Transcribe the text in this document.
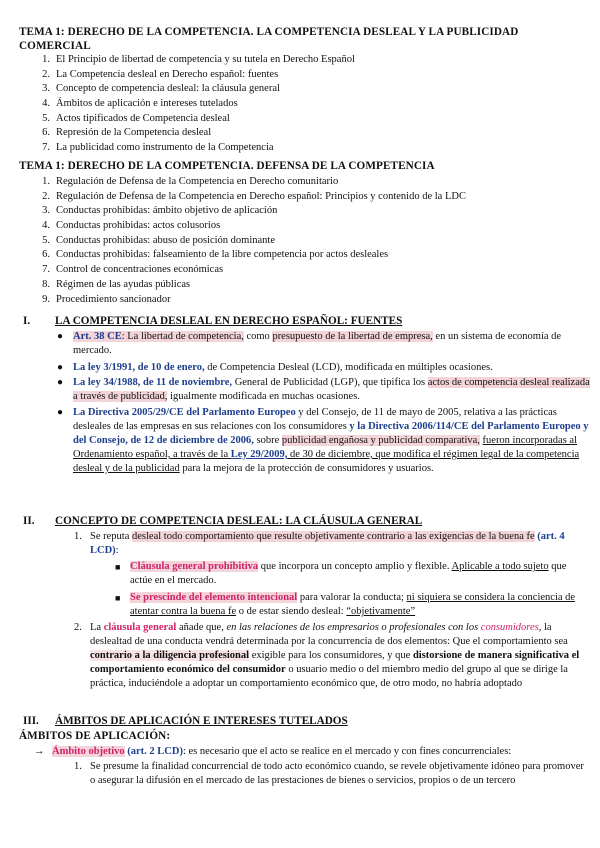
TEMA 1: DERECHO DE LA COMPETENCIA. LA COMPETENCIA DESLEAL Y LA PUBLICIDAD COMERCIAL
1. El Principio de libertad de competencia y su tutela en Derecho Español
2. La Competencia desleal en Derecho español: fuentes
3. Concepto de competencia desleal: la cláusula general
4. Ámbitos de aplicación e intereses tutelados
5. Actos tipificados de Competencia desleal
6. Represión de la Competencia desleal
7. La publicidad como instrumento de la Competencia
TEMA 1: DERECHO DE LA COMPETENCIA. DEFENSA DE LA COMPETENCIA
1. Regulación de Defensa de la Competencia en Derecho comunitario
2. Regulación de Defensa de la Competencia en Derecho español: Principios y contenido de la LDC
3. Conductas prohibidas: ámbito objetivo de aplicación
4. Conductas prohibidas: actos colusorios
5. Conductas prohibidas: abuso de posición dominante
6. Conductas prohibidas: falseamiento de la libre competencia por actos desleales
7. Control de concentraciones económicas
8. Régimen de las ayudas públicas
9. Procedimiento sancionador
I. LA COMPETENCIA DESLEAL EN DERECHO ESPAÑOL: FUENTES
● Art. 38 CE: La libertad de competencia, como presupuesto de la libertad de empresa, en un sistema de economía de mercado.
● La ley 3/1991, de 10 de enero, de Competencia Desleal (LCD), modificada en múltiples ocasiones.
● La ley 34/1988, de 11 de noviembre, General de Publicidad (LGP), que tipifica los actos de competencia desleal realizada a través de publicidad, igualmente modificada en muchas ocasiones.
● La Directiva 2005/29/CE del Parlamento Europeo y del Consejo, de 11 de mayo de 2005, relativa a las prácticas desleales de las empresas en sus relaciones con los consumidores y la Directiva 2006/114/CE del Parlamento Europeo y del Consejo, de 12 de diciembre de 2006, sobre publicidad engañosa y publicidad comparativa, fueron incorporadas al Ordenamiento español, a través de la Ley 29/2009, de 30 de diciembre, que modifica el régimen legal de la competencia desleal y de la publicidad para la mejora de la protección de consumidores y usuarios.
II. CONCEPTO DE COMPETENCIA DESLEAL: LA CLÁUSULA GENERAL
1. Se reputa desleal todo comportamiento que resulte objetivamente contrario a las exigencias de la buena fe (art. 4 LCD):
■ Cláusula general prohibitiva que incorpora un concepto amplio y flexible. Aplicable a todo sujeto que actúe en el mercado.
■ Se prescinde del elemento intencional para valorar la conducta; ni siquiera se considera la conciencia de atentar contra la buena fe o de estar siendo desleal: “objetivamente”
2. La cláusula general añade que, en las relaciones de los empresarios o profesionales con los consumidores, la deslealtad de una conducta vendrá determinada por la concurrencia de dos elementos: Que el comportamiento sea contrario a la diligencia profesional exigible para los consumidores, y que distorsione de manera significativa el comportamiento económico del consumidor o usuario medio o del miembro medio del grupo al que se dirige la práctica, induciéndole a adoptar un comportamiento económico que, de otro modo, no habría adoptado
III. ÁMBITOS DE APLICACIÓN E INTERESES TUTELADOS
ÁMBITOS DE APLICACIÓN:
→ Ámbito objetivo (art. 2 LCD): es necesario que el acto se realice en el mercado y con fines concurrenciales:
1. Se presume la finalidad concurrencial de todo acto económico cuando, se revele objetivamente idóneo para promover o asegurar la difusión en el mercado de las prestaciones de bienes o servicios, propios o de un tercero
